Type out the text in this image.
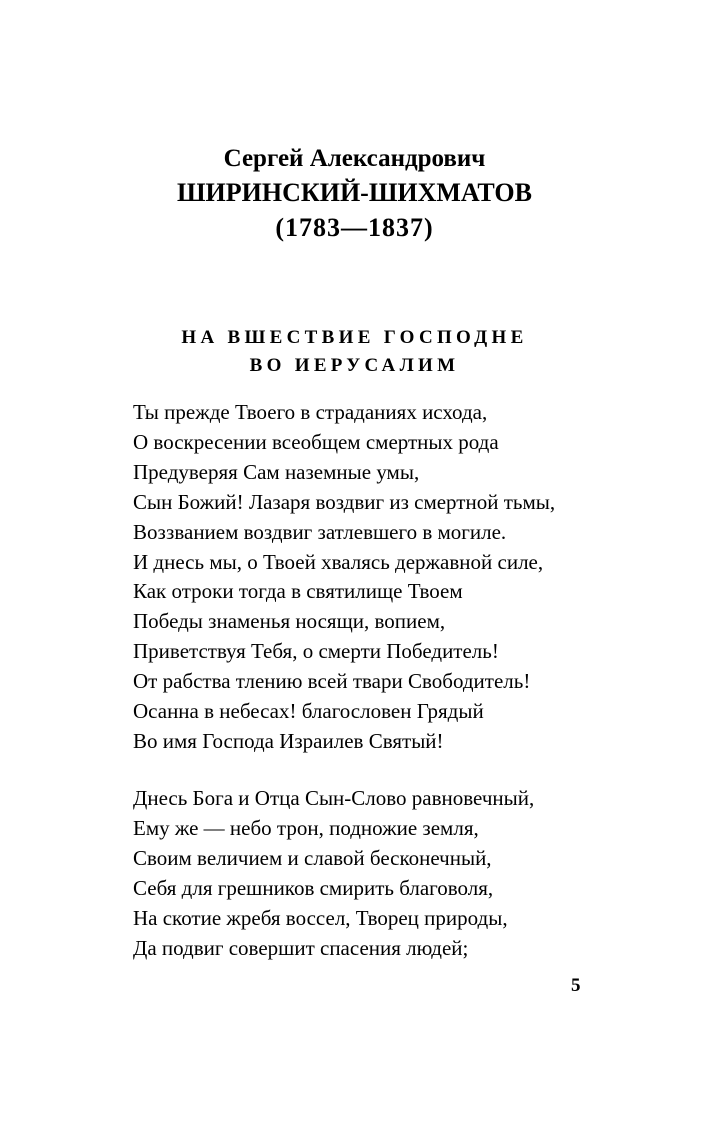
Сергей Александрович
ШИРИНСКИЙ-ШИХМАТОВ
(1783—1837)
НА ВШЕСТВИЕ ГОСПОДНЕ
ВО ИЕРУСАЛИМ
Ты прежде Твоего в страданиях исхода,
О воскресении всеобщем смертных рода
Предуверяя Сам наземные умы,
Сын Божий! Лазаря воздвиг из смертной тьмы,
Воззванием воздвиг затлевшего в могиле.
И днесь мы, о Твоей хвалясь державной силе,
Как отроки тогда в святилище Твоем
Победы знаменья носящи, вопием,
Приветствуя Тебя, о смерти Победитель!
От рабства тлению всей твари Свободитель!
Осанна в небесах! благословен Грядый
Во имя Господа Израилев Святый!
Днесь Бога и Отца Сын-Слово равновечный,
Ему же — небо трон, подножие земля,
Своим величием и славой бесконечный,
Себя для грешников смирить благоволя,
На скотие жребя воссел, Творец природы,
Да подвиг совершит спасения людей;
5
